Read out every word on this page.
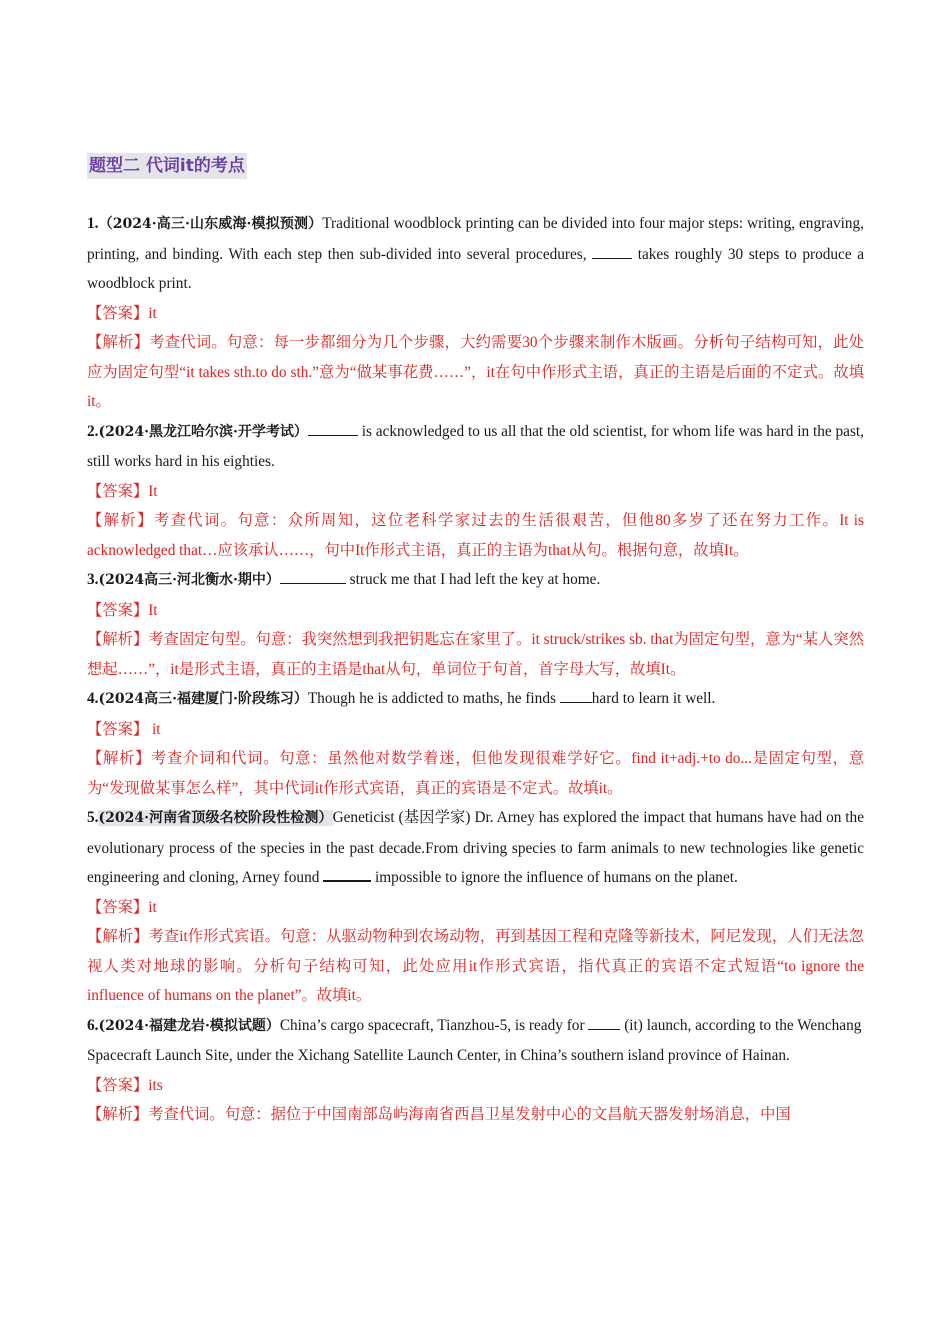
题型二 代词it的考点

1.（2024·高三·山东威海·模拟预测）Traditional woodblock printing can be divided into four major steps: writing, engraving, printing, and binding. With each step then sub-divided into several procedures,	takes roughly 30 steps to produce a woodblock print.

【答案】it

【解析】考查代词。句意：每一步都细分为几个步骤，大约需要30个步骤来制作木版画。分析句子结构可知，此处应为固定句型“it takes sth.to do sth.”意为“做某事花费……”，it在句中作形式主语，真正的主语是后面的不定式。故填it。

2.(2024·黑龙江哈尔滨·开学考试）	is acknowledged to us all that the old scientist, for whom life was hard in the past, still works hard in his eighties.

【答案】It

【解析】考查代词。句意：众所周知，这位老科学家过去的生活很艰苦，但他80多岁了还在努力工作。It is acknowledged that…应该承认……，句中It作形式主语，真正的主语为that从句。根据句意，故填It。

3.(2024高三·河北衡水·期中）	struck me that I had left the key at home.

【答案】It

【解析】考查固定句型。句意：我突然想到我把钥匙忘在家里了。it struck/strikes sb. that为固定句型，意为“某人突然想起……”，it是形式主语，真正的主语是that从句，单词位于句首，首字母大写，故填It。

4.(2024高三·福建厦门·阶段练习）Though he is addicted to maths, he finds hard to learn it well.

【答案】 it

【解析】考查介词和代词。句意：虽然他对数学着迷，但他发现很难学好它。find it+adj.+to do...是固定句型，意为“发现做某事怎么样”，其中代词it作形式宾语，真正的宾语是不定式。故填it。

5.(2024·河南省顶级名校阶段性检测）Geneticist (基因学家) Dr. Arney has explored the impact that humans have had on the evolutionary process of the species in the past decade.From driving species to farm animals to new technologies like genetic engineering and cloning, Arney found	impossible to ignore the influence of humans on the planet.

【答案】it

【解析】考查it作形式宾语。句意：从驱动物种到农场动物，再到基因工程和克隆等新技术，阿尼发现，人们无法忽视人类对地球的影响。分析句子结构可知，此处应用it作形式宾语，指代真正的宾语不定式短语“to ignore the influence of humans on the planet”。故填it。

6.(2024·福建龙岩·模拟试题）China’s cargo spacecraft, Tianzhou-5, is ready for  (it) launch, according to the Wenchang Spacecraft Launch Site, under the Xichang Satellite Launch Center, in China’s southern island province of Hainan.

【答案】its

【解析】考查代词。句意：据位于中国南部岛屿海南省西昌卫星发射中心的文昌航天器发射场消息，中国
